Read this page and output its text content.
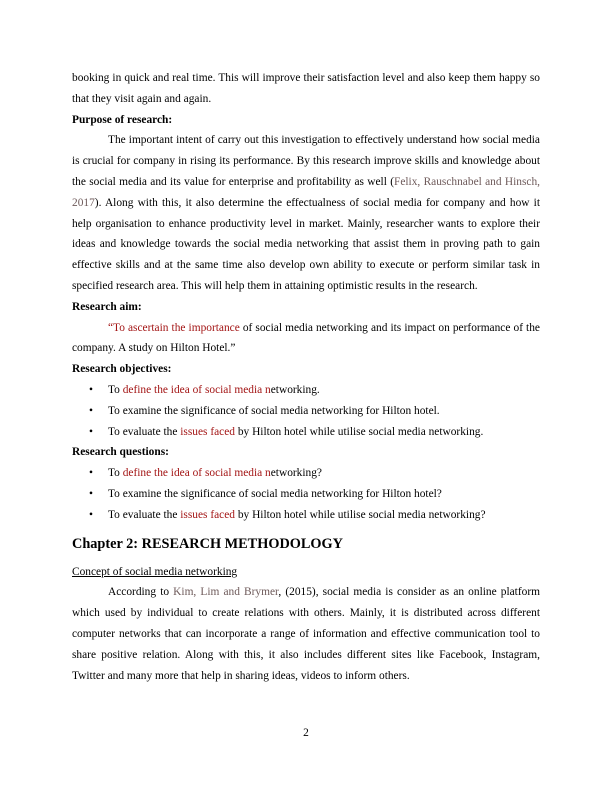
booking in quick and real time. This will improve their satisfaction level and also keep them happy so that they visit again and again.

Purpose of research:

The important intent of carry out this investigation to effectively understand how social media is crucial for company in rising its performance. By this research improve skills and knowledge about the social media and its value for enterprise and profitability as well (Felix, Rauschnabel and Hinsch, 2017). Along with this, it also determine the effectualness of social media for company and how it help organisation to enhance productivity level in market. Mainly, researcher wants to explore their ideas and knowledge towards the social media networking that assist them in proving path to gain effective skills and at the same time also develop own ability to execute or perform similar task in specified research area. This will help them in attaining optimistic results in the research.

Research aim:

“To ascertain the importance of social media networking and its impact on performance of the company. A study on Hilton Hotel.”

Research objectives:

• To define the idea of social media networking.
• To examine the significance of social media networking for Hilton hotel.
• To evaluate the issues faced by Hilton hotel while utilise social media networking.

Research questions:

• To define the idea of social media networking?
• To examine the significance of social media networking for Hilton hotel?
• To evaluate the issues faced by Hilton hotel while utilise social media networking?

Chapter 2: RESEARCH METHODOLOGY

Concept of social media networking

According to Kim, Lim and Brymer, (2015), social media is consider as an online platform which used by individual to create relations with others. Mainly, it is distributed across different computer networks that can incorporate a range of information and effective communication tool to share positive relation. Along with this, it also includes different sites like Facebook, Instagram, Twitter and many more that help in sharing ideas, videos to inform others.

2
